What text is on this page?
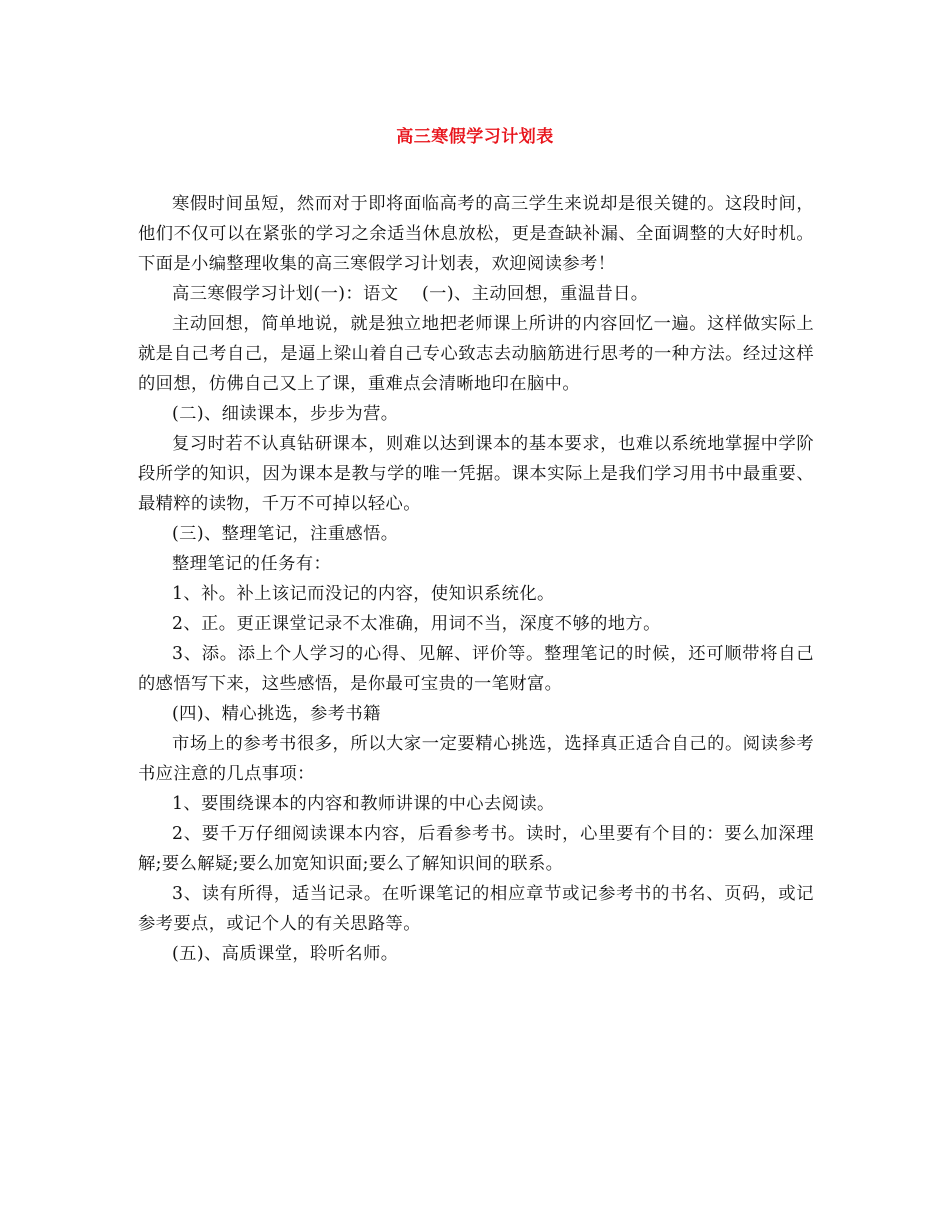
高三寒假学习计划表

寒假时间虽短，然而对于即将面临高考的高三学生来说却是很关键的。这段时间，他们不仅可以在紧张的学习之余适当休息放松，更是查缺补漏、全面调整的大好时机。下面是小编整理收集的高三寒假学习计划表，欢迎阅读参考！

高三寒假学习计划(一)：语文    (一)、主动回想，重温昔日。

主动回想，简单地说，就是独立地把老师课上所讲的内容回忆一遍。这样做实际上就是自己考自己，是逼上梁山着自己专心致志去动脑筋进行思考的一种方法。经过这样的回想，仿佛自己又上了课，重难点会清晰地印在脑中。

(二)、细读课本，步步为营。

复习时若不认真钻研课本，则难以达到课本的基本要求，也难以系统地掌握中学阶段所学的知识，因为课本是教与学的唯一凭据。课本实际上是我们学习用书中最重要、最精粹的读物，千万不可掉以轻心。

(三)、整理笔记，注重感悟。

整理笔记的任务有：

1、补。补上该记而没记的内容，使知识系统化。

2、正。更正课堂记录不太准确，用词不当，深度不够的地方。

3、添。添上个人学习的心得、见解、评价等。整理笔记的时候，还可顺带将自己的感悟写下来，这些感悟，是你最可宝贵的一笔财富。

(四)、精心挑选，参考书籍

市场上的参考书很多，所以大家一定要精心挑选，选择真正适合自己的。阅读参考书应注意的几点事项：

1、要围绕课本的内容和教师讲课的中心去阅读。

2、要千万仔细阅读课本内容，后看参考书。读时，心里要有个目的：要么加深理解;要么解疑;要么加宽知识面;要么了解知识间的联系。

3、读有所得，适当记录。在听课笔记的相应章节或记参考书的书名、页码，或记参考要点，或记个人的有关思路等。

(五)、高质课堂，聆听名师。
